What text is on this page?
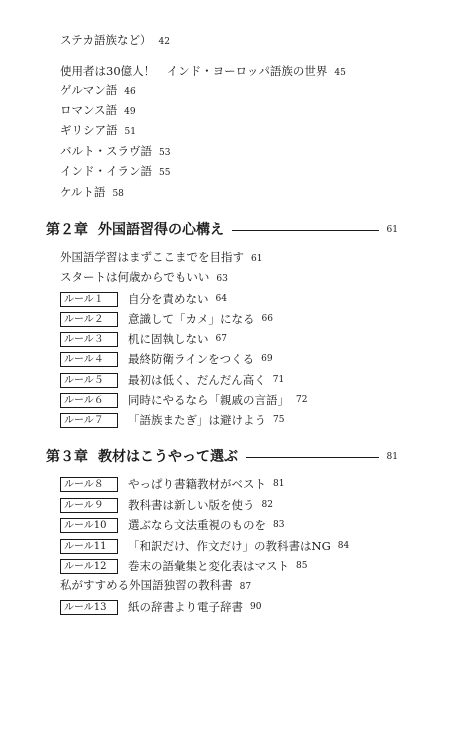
ステカ語族など） 42
使用者は30億人！　インド・ヨーロッパ語族の世界 45
ゲルマン語 46
ロマンス語 49
ギリシア語 51
バルト・スラヴ語 53
インド・イラン語 55
ケルト語 58
第２章 外国語習得の心構え	61
外国語学習はまずここまでを目指す 61
スタートは何歳からでもいい 63
ルール１ 自分を責めない 64
ルール２ 意識して「カメ」になる 66
ルール３ 机に固執しない 67
ルール４ 最終防衛ラインをつくる 69
ルール５ 最初は低く、だんだん高く 71
ルール６ 同時にやるなら「親戚の言語」 72
ルール７ 「語族またぎ」は避けよう 75
第３章 教材はこうやって選ぶ	81
ルール８ やっぱり書籍教材がベスト 81
ルール９ 教科書は新しい版を使う 82
ルール10 選ぶなら文法重視のものを 83
ルール11 「和訳だけ、作文だけ」の教科書はNG 84
ルール12 巻末の語彙集と変化表はマスト 85
私がすすめる外国語独習の教科書 87
ルール13 紙の辞書より電子辞書 90
